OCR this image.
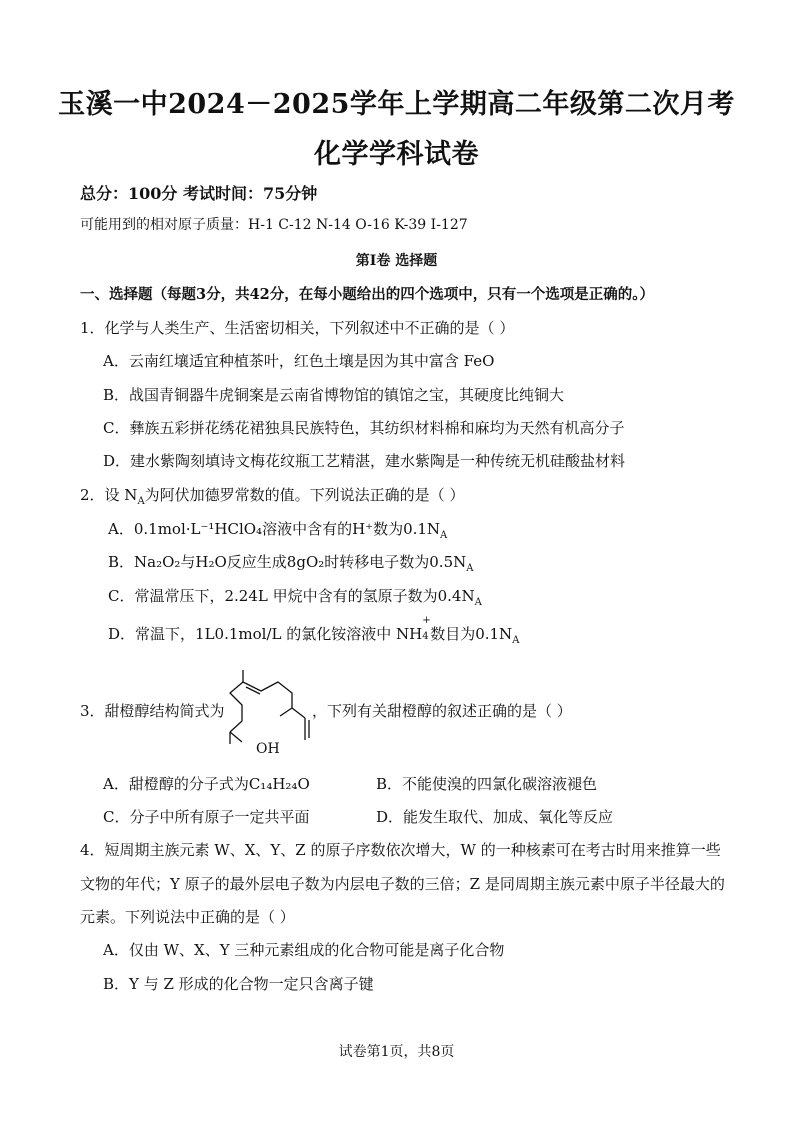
玉溪一中2024－2025学年上学期高二年级第二次月考
化学学科试卷
总分：100分 考试时间：75分钟
可能用到的相对原子质量：H-1 C-12 N-14 O-16 K-39 I-127
第Ⅰ卷 选择题
一、选择题（每题3分，共42分，在每小题给出的四个选项中，只有一个选项是正确的。）
1．化学与人类生产、生活密切相关，下列叙述中不正确的是（ ）
A．云南红壤适宜种植茶叶，红色土壤是因为其中富含 FeO
B．战国青铜器牛虎铜案是云南省博物馆的镇馆之宝，其硬度比纯铜大
C．彝族五彩拼花绣花裙独具民族特色，其纺织材料棉和麻均为天然有机高分子
D．建水紫陶刻填诗文梅花纹瓶工艺精湛，建水紫陶是一种传统无机硅酸盐材料
2．设 $N_A$为阿伏加德罗常数的值。下列说法正确的是（ ）
A．0.1mol·L⁻¹HClO₄溶液中含有的H⁺数为$0.1N_A$
B．Na₂O₂与H₂O反应生成8gO₂时转移电子数为$0.5N_A$
C．常温常压下，2.24L 甲烷中含有的氢原子数为$0.4N_A$
D．常温下，1L0.1mol/L 的氯化铵溶液中 NH
+
4 数目为$0.1N_A$
3．甜橙醇结构简式为
OH
，下列有关甜橙醇的叙述正确的是（ ）
A．甜橙醇的分子式为C₁₄H₂₄O	B．不能使溴的四氯化碳溶液褪色
C．分子中所有原子一定共平面	D．能发生取代、加成、氧化等反应
4．短周期主族元素 W、X、Y、Z 的原子序数依次增大，W 的一种核素可在考古时用来推算一些
文物的年代；Y 原子的最外层电子数为内层电子数的三倍；Z 是同周期主族元素中原子半径最大的
元素。下列说法中正确的是（ ）
A．仅由 W、X、Y 三种元素组成的化合物可能是离子化合物
B．Y 与 Z 形成的化合物一定只含离子键
试卷第1页，共8页
